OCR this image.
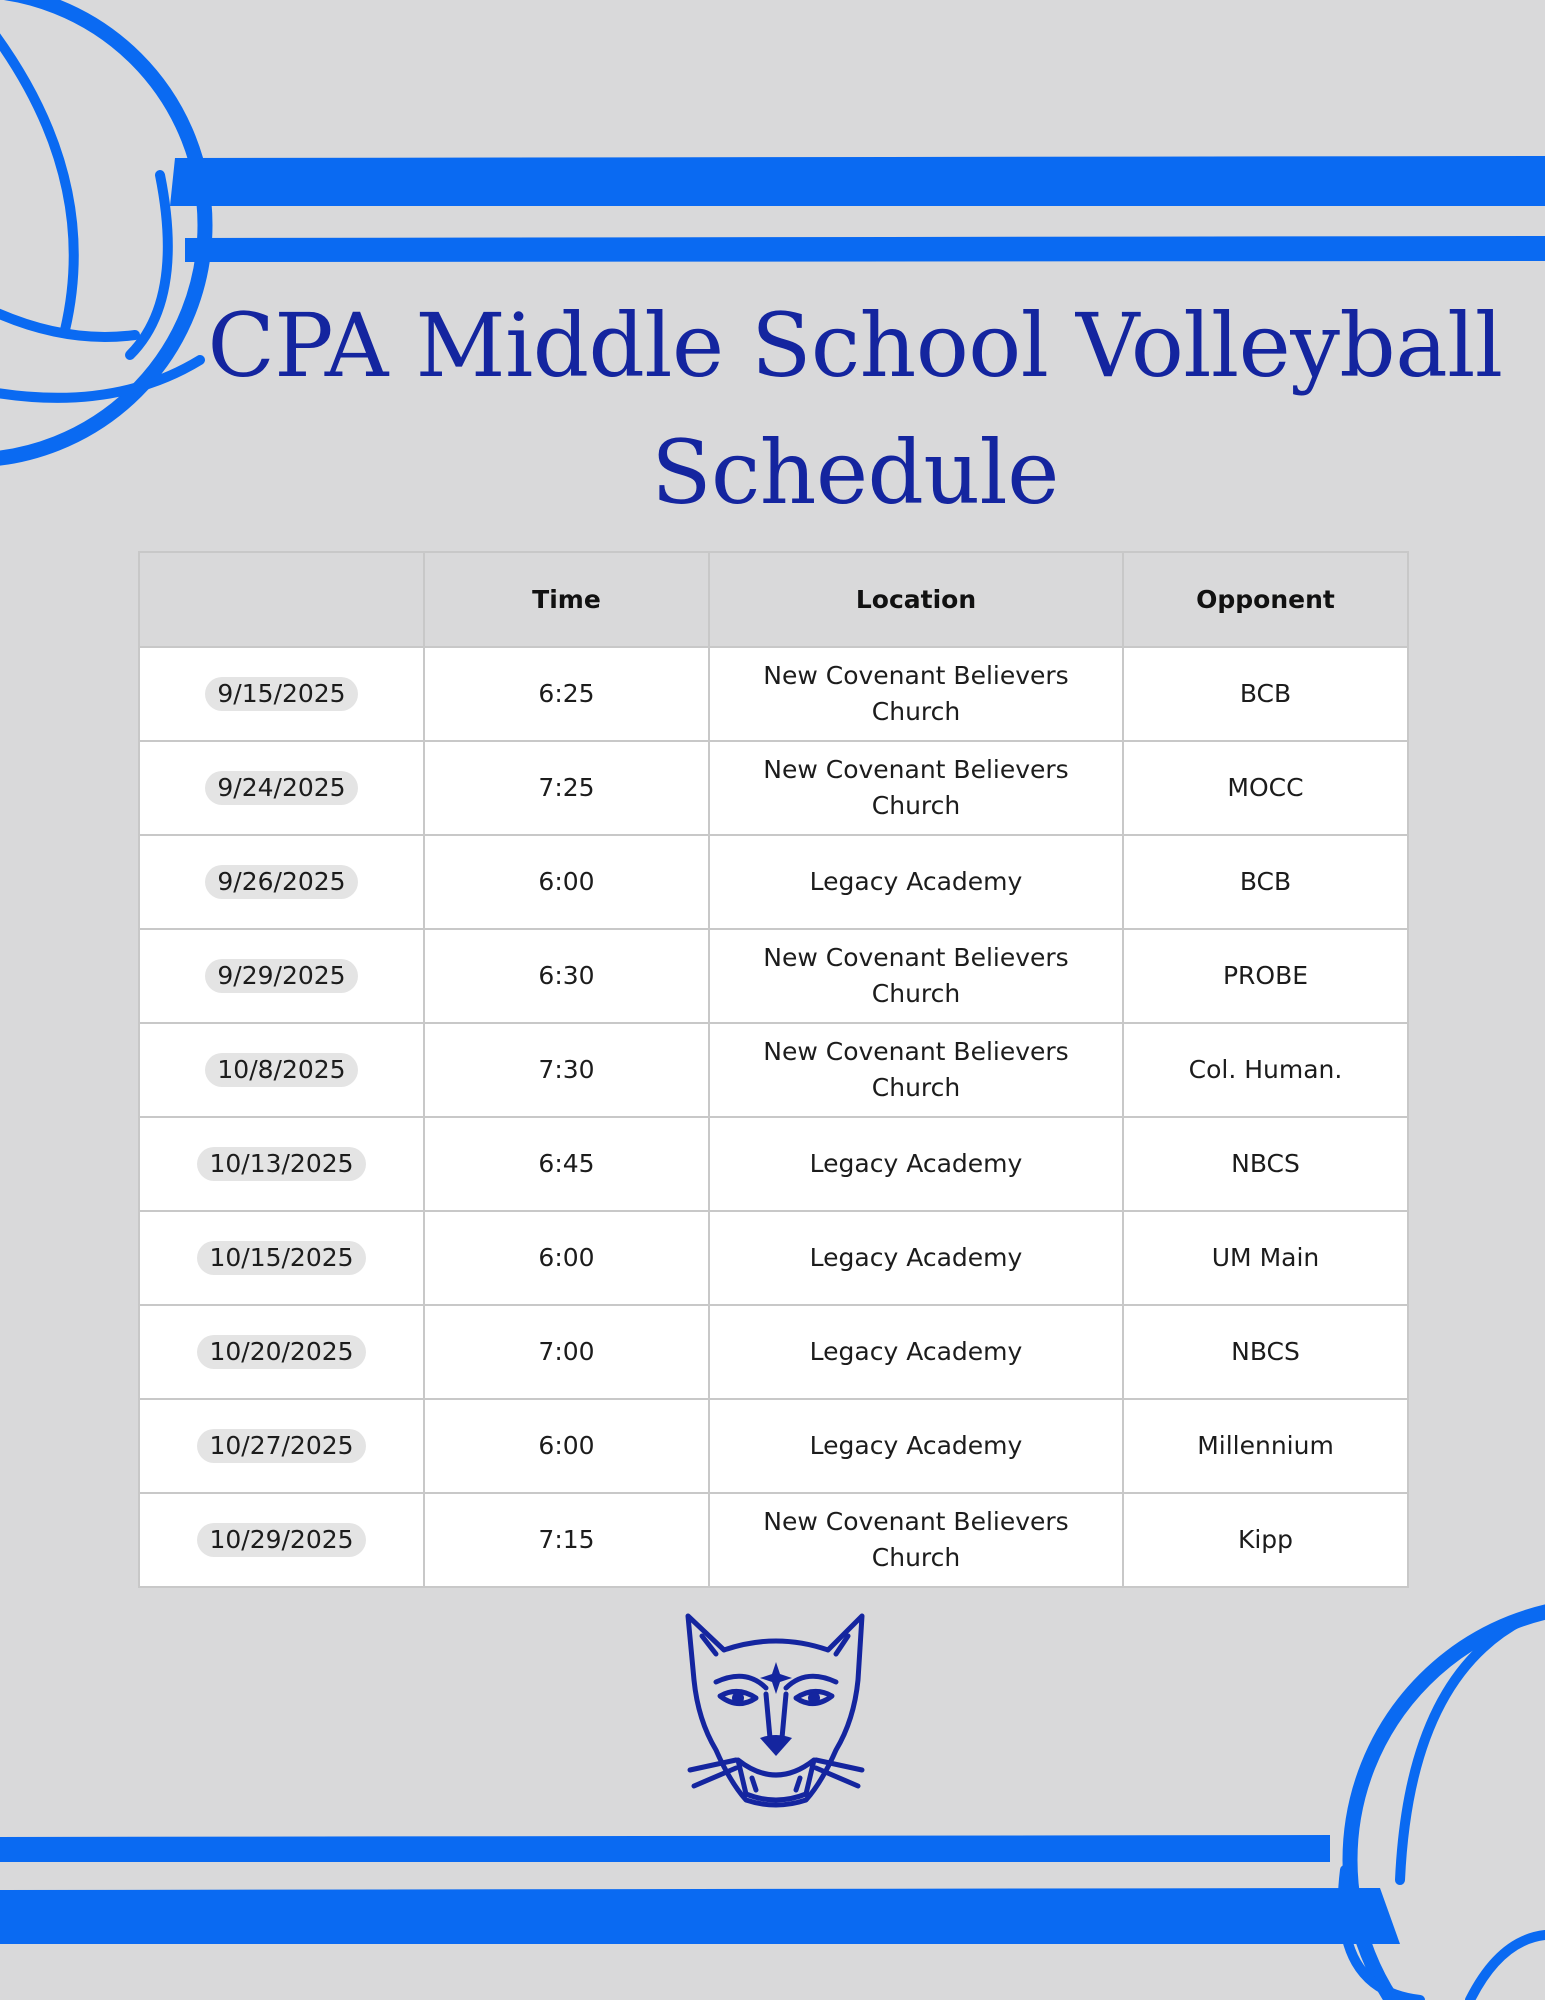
CPA Middle School Volleyball Schedule
	Time	Location	Opponent
9/15/2025	6:25	New Covenant Believers Church	BCB
9/24/2025	7:25	New Covenant Believers Church	MOCC
9/26/2025	6:00	Legacy Academy	BCB
9/29/2025	6:30	New Covenant Believers Church	PROBE
10/8/2025	7:30	New Covenant Believers Church	Col. Human.
10/13/2025	6:45	Legacy Academy	NBCS
10/15/2025	6:00	Legacy Academy	UM Main
10/20/2025	7:00	Legacy Academy	NBCS
10/27/2025	6:00	Legacy Academy	Millennium
10/29/2025	7:15	New Covenant Believers Church	Kipp
